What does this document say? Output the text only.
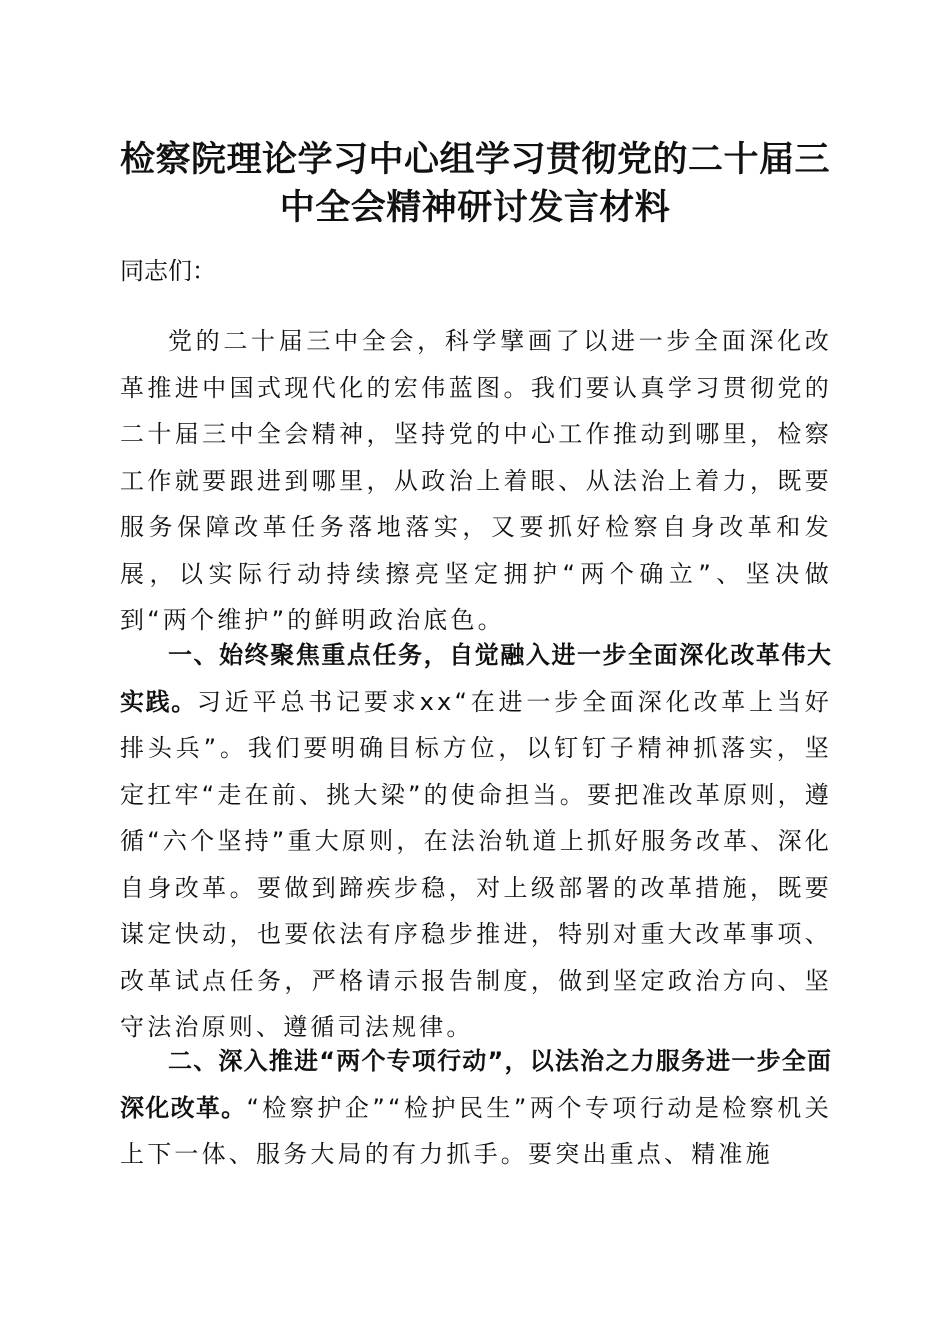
检察院理论学习中心组学习贯彻党的二十届三
中全会精神研讨发言材料
同志们：

党的二十届三中全会，科学擘画了以进一步全面深化改革推进中国式现代化的宏伟蓝图。我们要认真学习贯彻党的二十届三中全会精神，坚持党的中心工作推动到哪里，检察工作就要跟进到哪里，从政治上着眼、从法治上着力，既要服务保障改革任务落地落实，又要抓好检察自身改革和发展，以实际行动持续擦亮坚定拥护“两个确立”、坚决做到“两个维护”的鲜明政治底色。

一、始终聚焦重点任务，自觉融入进一步全面深化改革伟大实践。习近平总书记要求xx“在进一步全面深化改革上当好排头兵”。我们要明确目标方位，以钉钉子精神抓落实，坚定扛牢“走在前、挑大梁”的使命担当。要把准改革原则，遵循“六个坚持”重大原则，在法治轨道上抓好服务改革、深化自身改革。要做到蹄疾步稳，对上级部署的改革措施，既要谋定快动，也要依法有序稳步推进，特别对重大改革事项、改革试点任务，严格请示报告制度，做到坚定政治方向、坚守法治原则、遵循司法规律。

二、深入推进“两个专项行动”，以法治之力服务进一步全面深化改革。“检察护企”“检护民生”两个专项行动是检察机关上下一体、服务大局的有力抓手。要突出重点、精准施
